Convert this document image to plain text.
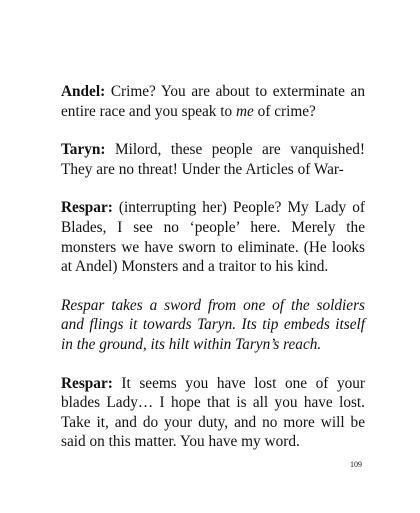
Andel: Crime? You are about to exterminate an entire race and you speak to me of crime?

Taryn: Milord, these people are vanquished! They are no threat! Under the Articles of War-

Respar: (interrupting her) People? My Lady of Blades, I see no ‘people’ here. Merely the monsters we have sworn to eliminate. (He looks at Andel) Monsters and a traitor to his kind.

Respar takes a sword from one of the soldiers and flings it towards Taryn. Its tip embeds itself in the ground, its hilt within Taryn’s reach.

Respar: It seems you have lost one of your blades Lady… I hope that is all you have lost. Take it, and do your duty, and no more will be said on this matter. You have my word.

109
